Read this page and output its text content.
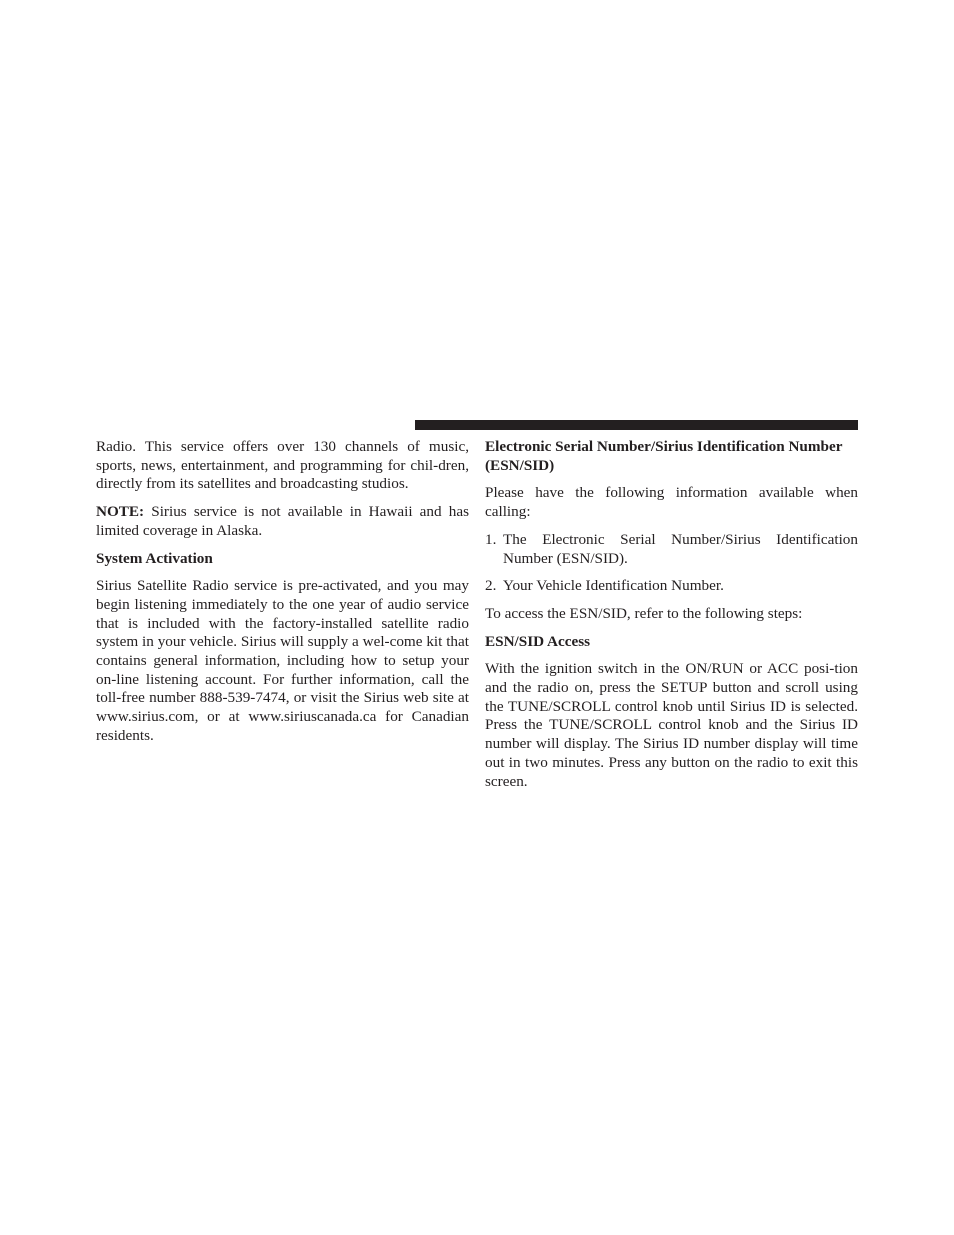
Radio. This service offers over 130 channels of music, sports, news, entertainment, and programming for chil-dren, directly from its satellites and broadcasting studios.

NOTE: Sirius service is not available in Hawaii and has limited coverage in Alaska.

System Activation

Sirius Satellite Radio service is pre-activated, and you may begin listening immediately to the one year of audio service that is included with the factory-installed satellite radio system in your vehicle. Sirius will supply a wel-come kit that contains general information, including how to setup your on-line listening account. For further information, call the toll-free number 888-539-7474, or visit the Sirius web site at www.sirius.com, or at www.siriuscanada.ca for Canadian residents.

Electronic Serial Number/Sirius Identification Number (ESN/SID)

Please have the following information available when calling:

1. The Electronic Serial Number/Sirius Identification Number (ESN/SID).
2. Your Vehicle Identification Number.

To access the ESN/SID, refer to the following steps:

ESN/SID Access

With the ignition switch in the ON/RUN or ACC posi-tion and the radio on, press the SETUP button and scroll using the TUNE/SCROLL control knob until Sirius ID is selected. Press the TUNE/SCROLL control knob and the Sirius ID number will display. The Sirius ID number display will time out in two minutes. Press any button on the radio to exit this screen.
